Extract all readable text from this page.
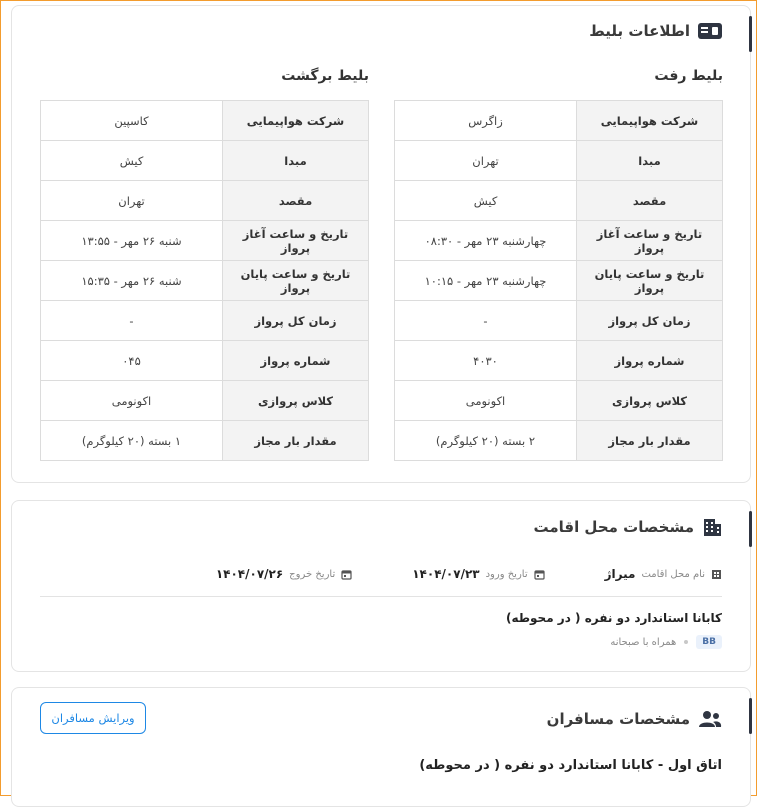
اطلاعات بلیط
بلیط رفت
شرکت هواپیمایی	زاگرس
مبدا	تهران
مقصد	کیش
تاریخ و ساعت آغاز پرواز	چهارشنبه ۲۳ مهر - ۰۸:۳۰
تاریخ و ساعت پایان پرواز	چهارشنبه ۲۳ مهر - ۱۰:۱۵
زمان کل پرواز	-
شماره پرواز	۴۰۳۰
کلاس پروازی	اکونومی
مقدار بار مجاز	۲ بسته (۲۰ کیلوگرم)
بلیط برگشت
شرکت هواپیمایی	کاسپین
مبدا	کیش
مقصد	تهران
تاریخ و ساعت آغاز پرواز	شنبه ۲۶ مهر - ۱۳:۵۵
تاریخ و ساعت پایان پرواز	شنبه ۲۶ مهر - ۱۵:۳۵
زمان کل پرواز	-
شماره پرواز	۰۴۵
کلاس پروازی	اکونومی
مقدار بار مجاز	۱ بسته (۲۰ کیلوگرم)
مشخصات محل اقامت
نام محل اقامت
میراژ
تاریخ ورود
۱۴۰۴/۰۷/۲۳
تاریخ خروج
۱۴۰۴/۰۷/۲۶
کابانا استاندارد دو نفره ( در محوطه)
BB
همراه با صبحانه
مشخصات مسافران
ویرایش مسافران
اتاق اول - کابانا استاندارد دو نفره ( در محوطه)
